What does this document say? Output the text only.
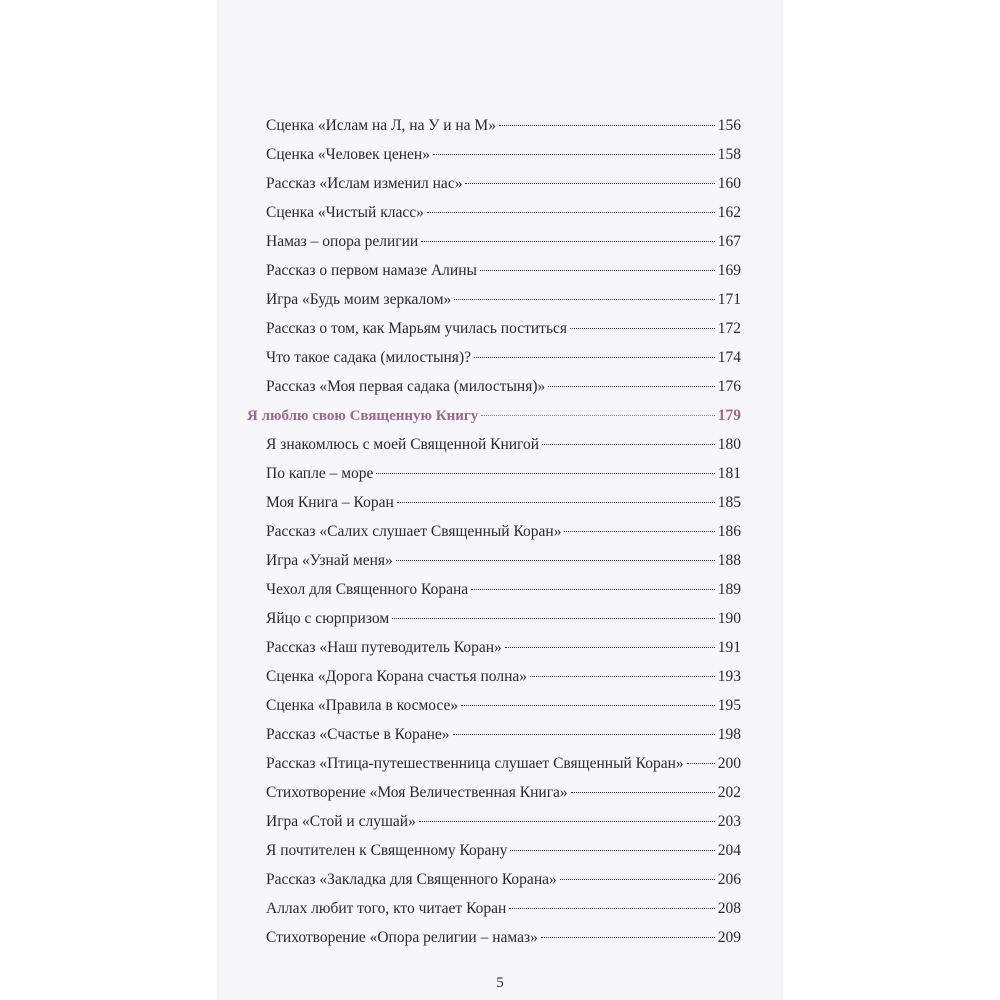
Сценка «Ислам на Л, на У и на М»	156
Сценка «Человек ценен»	158
Рассказ «Ислам изменил нас»	160
Сценка «Чистый класс»	162
Намаз – опора религии	167
Рассказ о первом намазе Алины	169
Игра «Будь моим зеркалом»	171
Рассказ о том, как Марьям училась поститься	172
Что такое садака (милостыня)?	174
Рассказ «Моя первая садака (милостыня)»	176
Я люблю свою Священную Книгу	179
Я знакомлюсь с моей Священной Книгой	180
По капле – море	181
Моя Книга – Коран	185
Рассказ «Салих слушает Священный Коран»	186
Игра «Узнай меня»	188
Чехол для Священного Корана	189
Яйцо с сюрпризом	190
Рассказ «Наш путеводитель Коран»	191
Сценка «Дорога Корана счастья полна»	193
Сценка «Правила в космосе»	195
Рассказ «Счастье в Коране»	198
Рассказ «Птица-путешественница слушает Священный Коран» 200
Стихотворение «Моя Величественная Книга»	202
Игра «Стой и слушай»	203
Я почтителен к Священному Корану	204
Рассказ «Закладка для Священного Корана»	206
Аллах любит того, кто читает Коран	208
Стихотворение «Опора религии – намаз»	209
5
